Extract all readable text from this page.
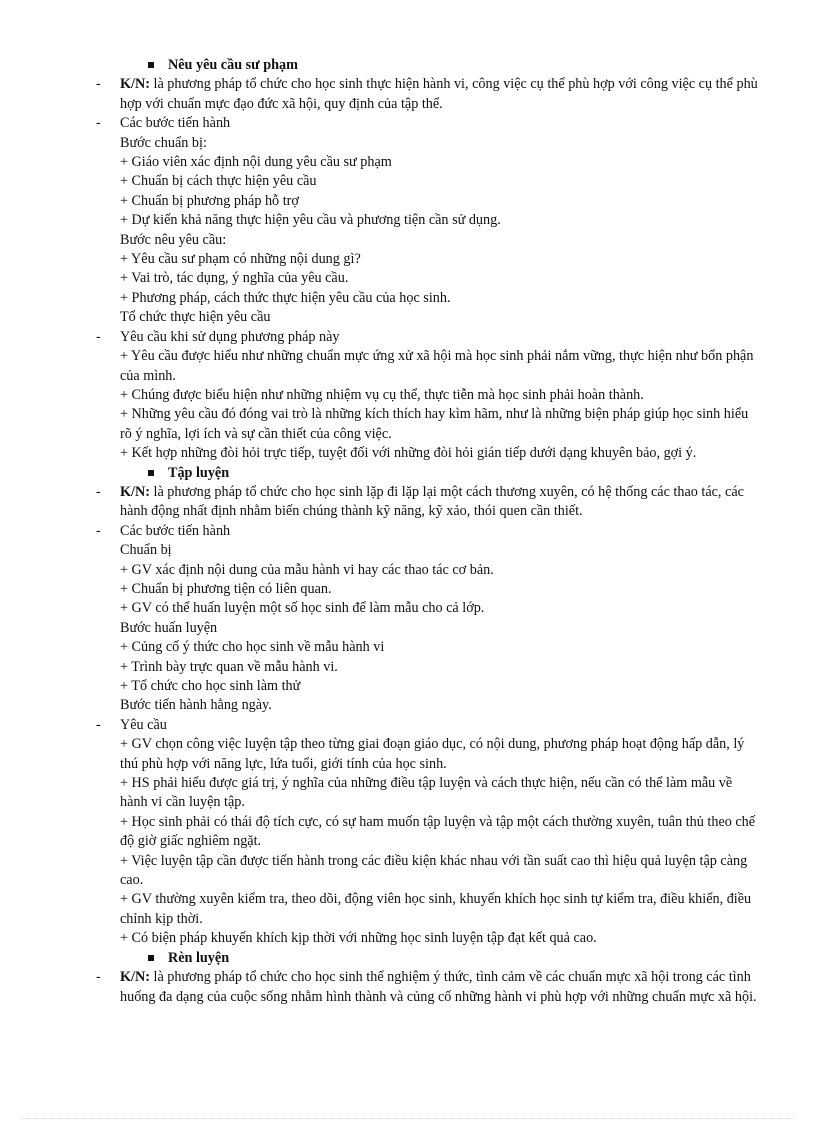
Nêu yêu cầu sư phạm
- K/N: là phương pháp tổ chức cho học sinh thực hiện hành vi, công việc cụ thể phù hợp với công việc cụ thể phù hợp với chuẩn mực đạo đức xã hội, quy định của tập thể.
- Các bước tiến hành
Bước chuẩn bị:
+ Giáo viên xác định nội dung yêu cầu sư phạm
+ Chuẩn bị cách thực hiện yêu cầu
+ Chuẩn bị phương pháp hỗ trợ
+ Dự kiến khả năng thực hiện yêu cầu và phương tiện cần sử dụng.
Bước nêu yêu cầu:
+ Yêu cầu sư phạm có những nội dung gì?
+ Vai trò, tác dụng, ý nghĩa của yêu cầu.
+ Phương pháp, cách thức thực hiện yêu cầu của học sinh.
Tổ chức thực hiện yêu cầu
- Yêu cầu khi sử dụng phương pháp này
+ Yêu cầu được hiểu như những chuẩn mực ứng xử xã hội mà học sinh phải nắm vững, thực hiện như bổn phận của mình.
+ Chúng được biểu hiện như những nhiệm vụ cụ thể, thực tiễn mà học sinh phải hoàn thành.
+ Những yêu cầu đó đóng vai trò là những kích thích hay kìm hãm, như là những biện pháp giúp học sinh hiểu rõ ý nghĩa, lợi ích và sự cần thiết của công việc.
+ Kết hợp những đòi hỏi trực tiếp, tuyệt đối với những đòi hỏi gián tiếp dưới dạng khuyên bảo, gợi ý.
Tập luyện
- K/N: là phương pháp tổ chức cho học sinh lặp đi lặp lại một cách thương xuyên, có hệ thống các thao tác, các hành động nhất định nhằm biến chúng thành kỹ năng, kỹ xảo, thói quen cần thiết.
- Các bước tiến hành
Chuẩn bị
+ GV xác định nội dung của mẫu hành vi hay các thao tác cơ bản.
+ Chuẩn bị phương tiện có liên quan.
+ GV có thể huấn luyện một số học sinh để làm mẫu cho cả lớp.
Bước huấn luyện
+ Củng cố ý thức cho học sinh về mẫu hành vi
+ Trình bày trực quan về mẫu hành vi.
+ Tổ chức cho học sinh làm thử
Bước tiến hành hằng ngày.
- Yêu cầu
+ GV chọn công việc luyện tập theo từng giai đoạn giáo dục, có nội dung, phương pháp hoạt động hấp dẫn, lý thú phù hợp với năng lực, lứa tuổi, giới tính của học sinh.
+ HS phải hiểu được giá trị, ý nghĩa của những điều tập luyện và cách thực hiện, nếu cần có thể làm mẫu về hành vi cần luyện tập.
+ Học sinh phải có thái độ tích cực, có sự ham muốn tập luyện và tập một cách thường xuyên, tuân thủ theo chế độ giờ giấc nghiêm ngặt.
+ Việc luyện tập cần được tiến hành trong các điều kiện khác nhau với tần suất cao thì hiệu quả luyện tập càng cao.
+ GV thường xuyên kiểm tra, theo dõi, động viên học sinh, khuyến khích học sinh tự kiểm tra, điều khiển, điều chỉnh kịp thời.
+ Có biện pháp khuyến khích kịp thời với những học sinh luyện tập đạt kết quả cao.
Rèn luyện
- K/N: là phương pháp tổ chức cho học sinh thể nghiệm ý thức, tình cảm về các chuẩn mực xã hội trong các tình huống đa dạng của cuộc sống nhằm hình thành và củng cố những hành vi phù hợp với những chuẩn mực xã hội.
